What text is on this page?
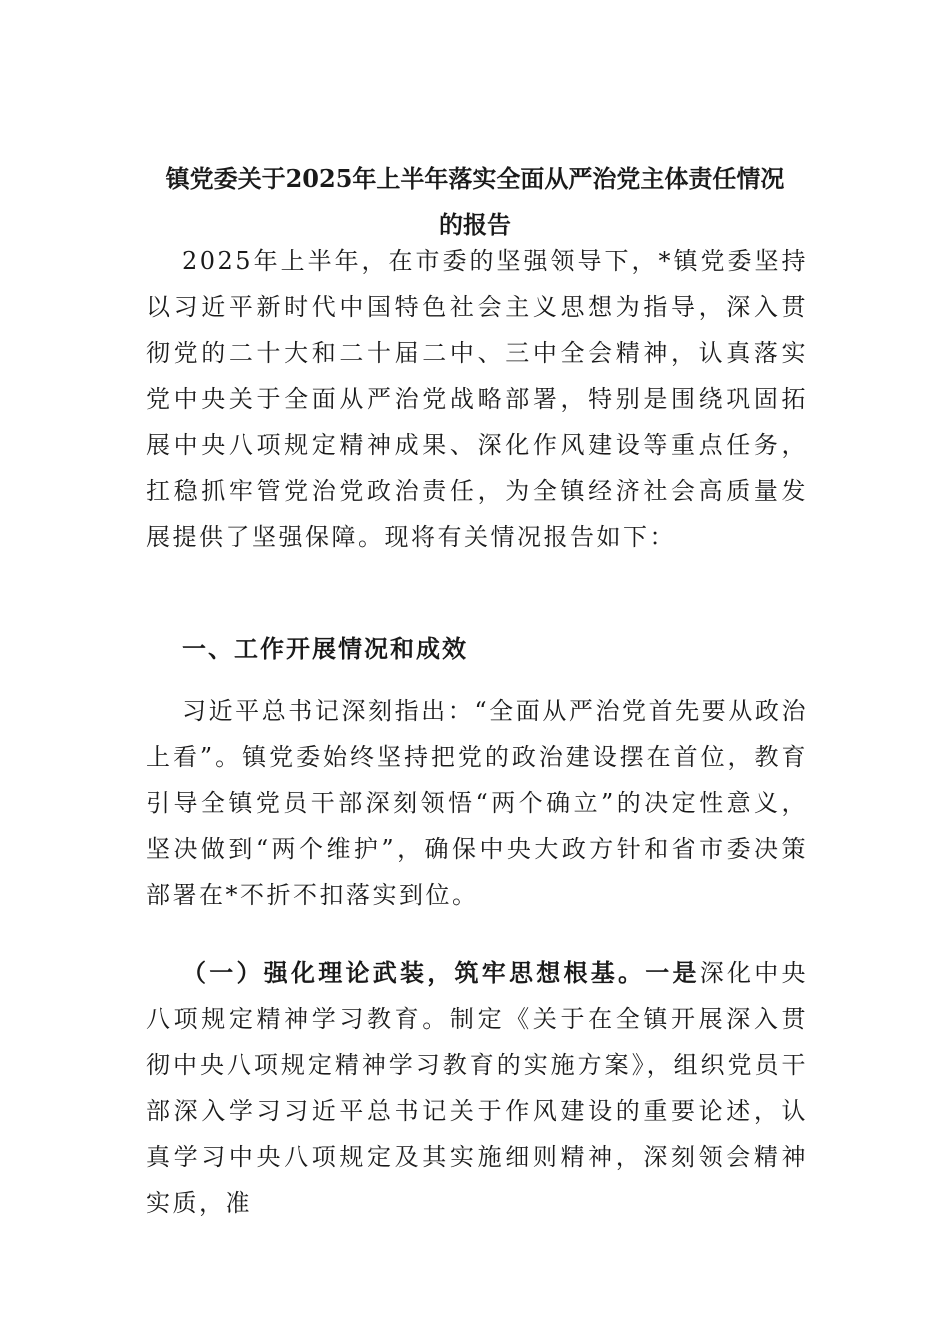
镇党委关于2025年上半年落实全面从严治党主体责任情况
的报告

2025年上半年，在市委的坚强领导下，*镇党委坚持以习近平新时代中国特色社会主义思想为指导，深入贯彻党的二十大和二十届二中、三中全会精神，认真落实党中央关于全面从严治党战略部署，特别是围绕巩固拓展中央八项规定精神成果、深化作风建设等重点任务，扛稳抓牢管党治党政治责任，为全镇经济社会高质量发展提供了坚强保障。现将有关情况报告如下：

一、工作开展情况和成效

习近平总书记深刻指出：“全面从严治党首先要从政治上看”。镇党委始终坚持把党的政治建设摆在首位，教育引导全镇党员干部深刻领悟“两个确立”的决定性意义，坚决做到“两个维护”，确保中央大政方针和省市委决策部署在*不折不扣落实到位。

（一）强化理论武装，筑牢思想根基。一是深化中央八项规定精神学习教育。制定《关于在全镇开展深入贯彻中央八项规定精神学习教育的实施方案》，组织党员干部深入学习习近平总书记关于作风建设的重要论述，认真学习中央八项规定及其实施细则精神，深刻领会精神实质，准
